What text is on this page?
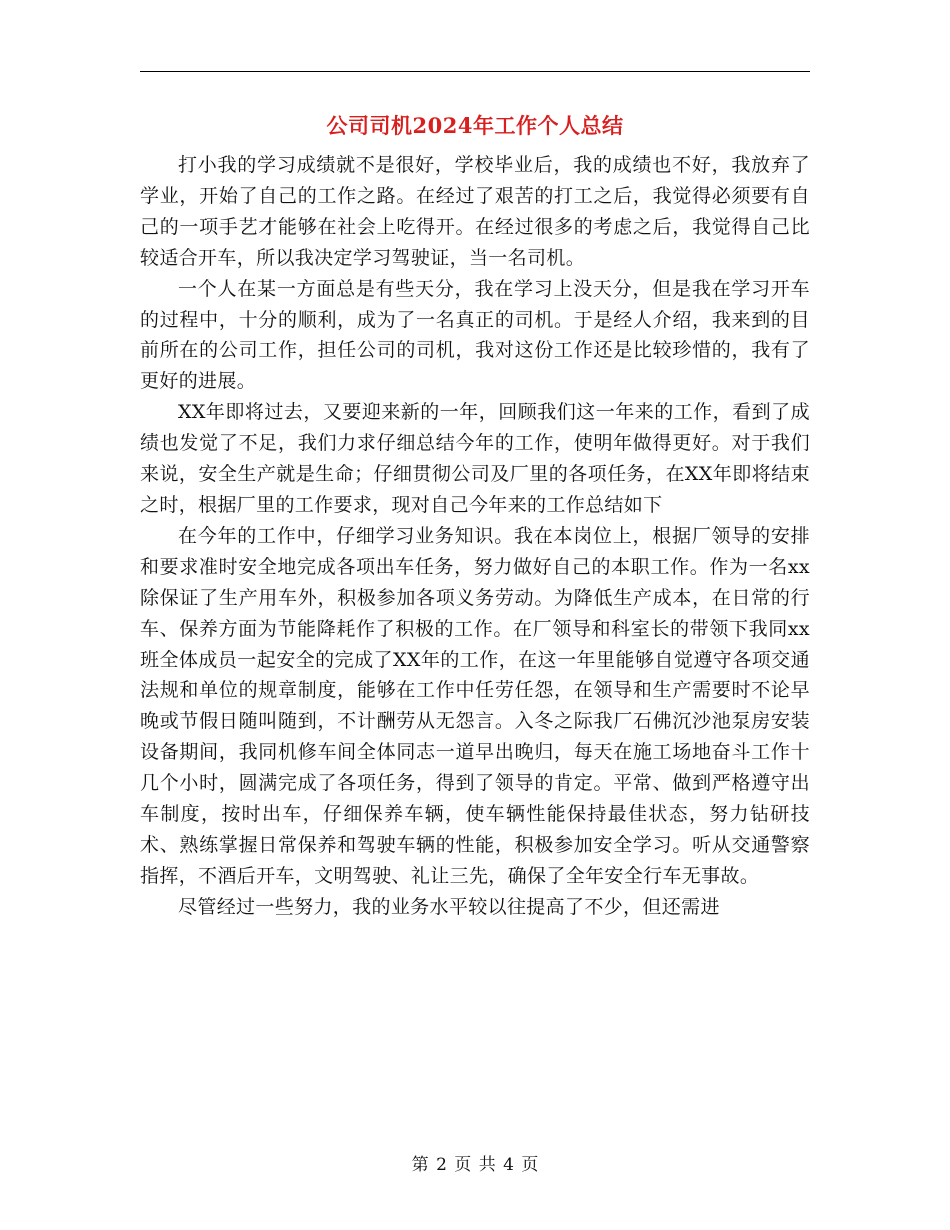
公司司机2024年工作个人总结

打小我的学习成绩就不是很好，学校毕业后，我的成绩也不好，我放弃了学业，开始了自己的工作之路。在经过了艰苦的打工之后，我觉得必须要有自己的一项手艺才能够在社会上吃得开。在经过很多的考虑之后，我觉得自己比较适合开车，所以我决定学习驾驶证，当一名司机。

一个人在某一方面总是有些天分，我在学习上没天分，但是我在学习开车的过程中，十分的顺利，成为了一名真正的司机。于是经人介绍，我来到的目前所在的公司工作，担任公司的司机，我对这份工作还是比较珍惜的，我有了更好的进展。

XX年即将过去，又要迎来新的一年，回顾我们这一年来的工作，看到了成绩也发觉了不足，我们力求仔细总结今年的工作，使明年做得更好。对于我们来说，安全生产就是生命；仔细贯彻公司及厂里的各项任务，在XX年即将结束之时，根据厂里的工作要求，现对自己今年来的工作总结如下

在今年的工作中，仔细学习业务知识。我在本岗位上，根据厂领导的安排和要求准时安全地完成各项出车任务，努力做好自己的本职工作。作为一名xx除保证了生产用车外，积极参加各项义务劳动。为降低生产成本，在日常的行车、保养方面为节能降耗作了积极的工作。在厂领导和科室长的带领下我同xx班全体成员一起安全的完成了XX年的工作，在这一年里能够自觉遵守各项交通法规和单位的规章制度，能够在工作中任劳任怨，在领导和生产需要时不论早晚或节假日随叫随到，不计酬劳从无怨言。入冬之际我厂石佛沉沙池泵房安装设备期间，我同机修车间全体同志一道早出晚归，每天在施工场地奋斗工作十几个小时，圆满完成了各项任务，得到了领导的肯定。平常、做到严格遵守出车制度，按时出车，仔细保养车辆，使车辆性能保持最佳状态，努力钻研技术、熟练掌握日常保养和驾驶车辆的性能，积极参加安全学习。听从交通警察指挥，不酒后开车，文明驾驶、礼让三先，确保了全年安全行车无事故。

尽管经过一些努力，我的业务水平较以往提高了不少，但还需进

第 2 页 共 4 页
